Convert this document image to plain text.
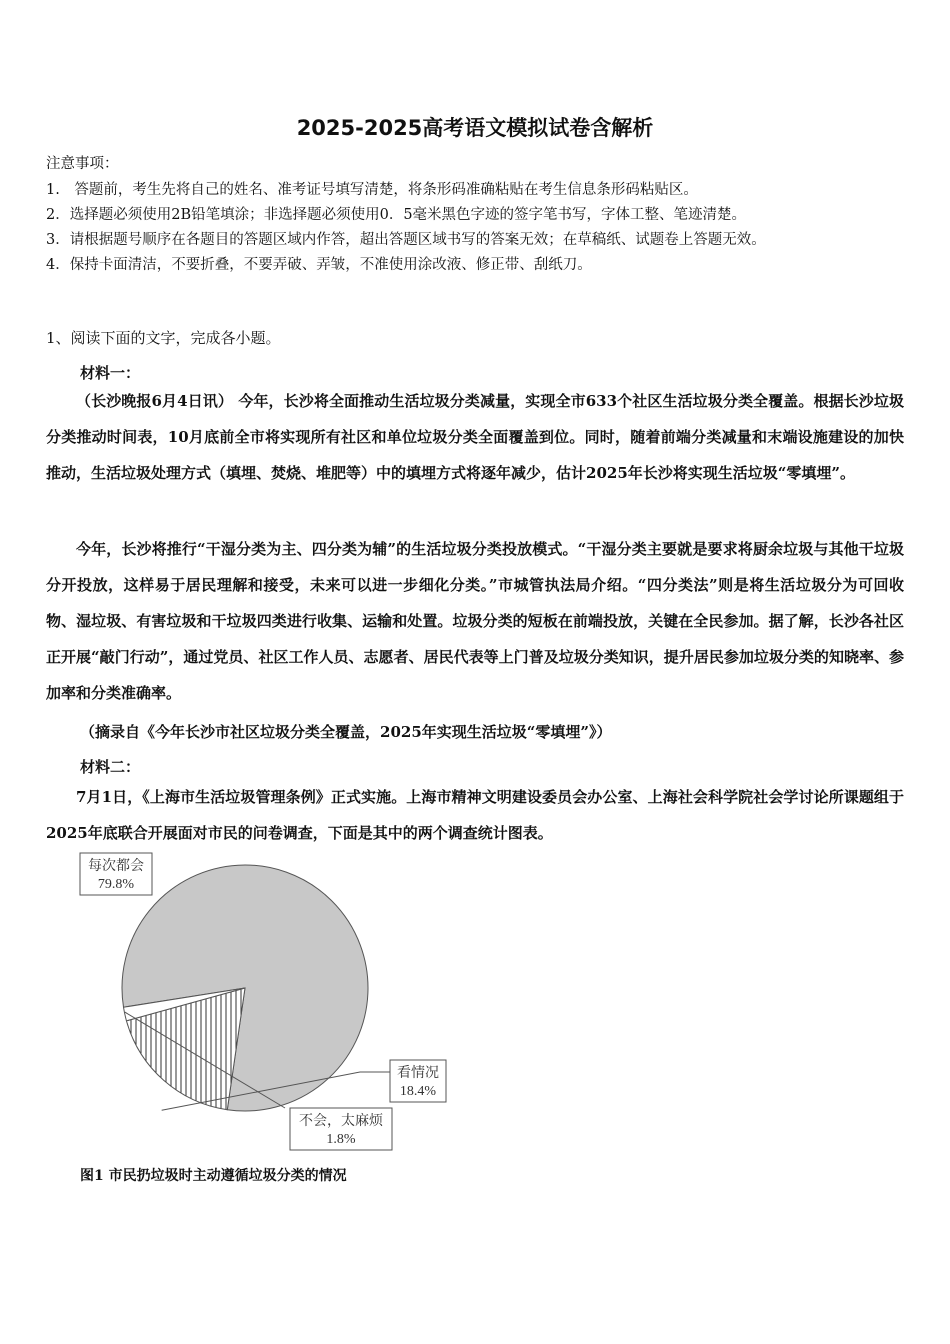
2025-2025高考语文模拟试卷含解析
注意事项：
1.　答题前，考生先将自己的姓名、准考证号填写清楚，将条形码准确粘贴在考生信息条形码粘贴区。
2．选择题必须使用2B铅笔填涂；非选择题必须使用0．5毫米黑色字迹的签字笔书写，字体工整、笔迹清楚。
3．请根据题号顺序在各题目的答题区域内作答，超出答题区域书写的答案无效；在草稿纸、试题卷上答题无效。
4．保持卡面清洁，不要折叠，不要弄破、弄皱，不准使用涂改液、修正带、刮纸刀。
1、阅读下面的文字，完成各小题。
材料一：
（长沙晚报6月4日讯） 今年，长沙将全面推动生活垃圾分类减量，实现全市633个社区生活垃圾分类全覆盖。根据长沙垃圾分类推动时间表，10月底前全市将实现所有社区和单位垃圾分类全面覆盖到位。同时，随着前端分类减量和末端设施建设的加快推动，生活垃圾处理方式（填埋、焚烧、堆肥等）中的填埋方式将逐年减少，估计2025年长沙将实现生活垃圾“零填埋”。
今年，长沙将推行“干湿分类为主、四分类为辅”的生活垃圾分类投放模式。“干湿分类主要就是要求将厨余垃圾与其他干垃圾分开投放，这样易于居民理解和接受，未来可以进一步细化分类。”市城管执法局介绍。“四分类法”则是将生活垃圾分为可回收物、湿垃圾、有害垃圾和干垃圾四类进行收集、运输和处置。垃圾分类的短板在前端投放，关键在全民参加。据了解，长沙各社区正开展“敲门行动”，通过党员、社区工作人员、志愿者、居民代表等上门普及垃圾分类知识，提升居民参加垃圾分类的知晓率、参加率和分类准确率。
（摘录自《今年长沙市社区垃圾分类全覆盖，2025年实现生活垃圾“零填埋”》）
材料二：
7月1日，《上海市生活垃圾管理条例》正式实施。上海市精神文明建设委员会办公室、上海社会科学院社会学讨论所课题组于2025年底联合开展面对市民的问卷调查，下面是其中的两个调查统计图表。
每次都会
79.8%
看情况
18.4%
不会，太麻烦
1.8%
图1 市民扔垃圾时主动遵循垃圾分类的情况
